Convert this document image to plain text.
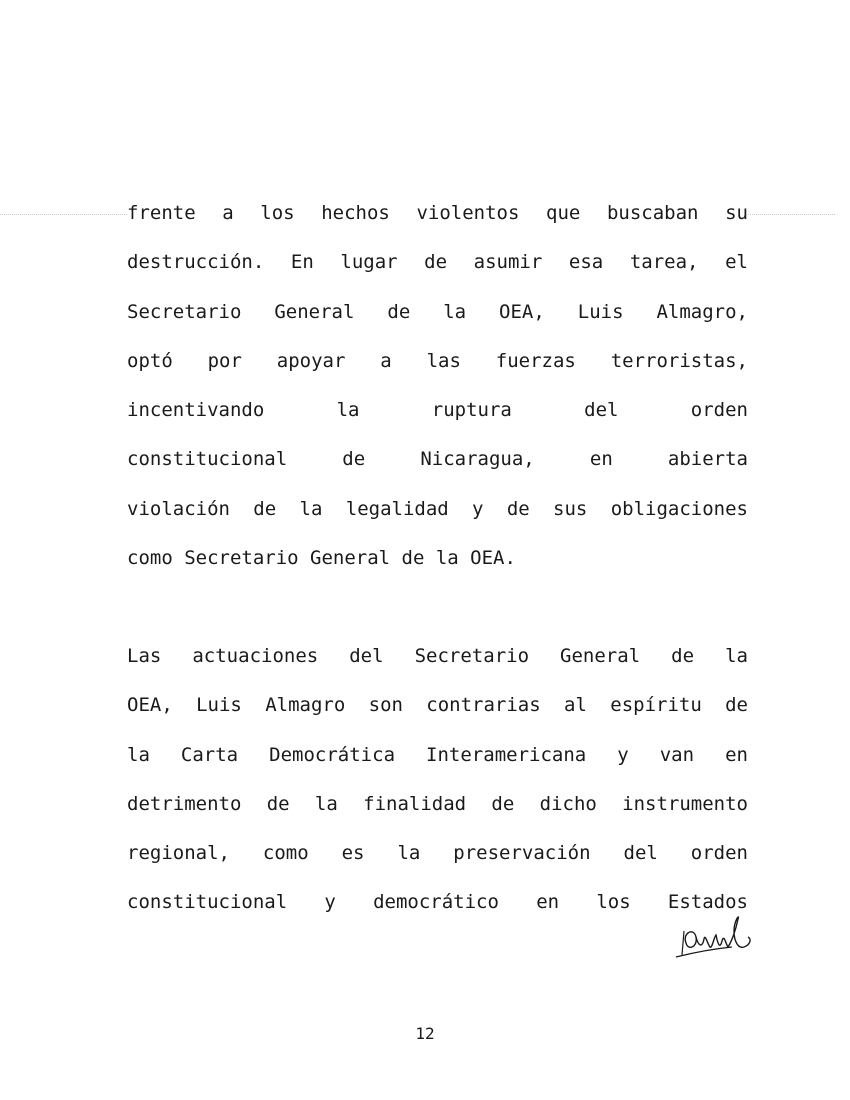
frente a los hechos violentos que buscaban su
destrucción. En lugar de asumir esa tarea, el
Secretario General de la OEA, Luis Almagro,
optó por apoyar a las fuerzas terroristas,
incentivando la ruptura del orden
constitucional de Nicaragua, en abierta
violación de la legalidad y de sus obligaciones
como Secretario General de la OEA.
Las actuaciones del Secretario General de la
OEA, Luis Almagro son contrarias al espíritu de
la Carta Democrática Interamericana y van en
detrimento de la finalidad de dicho instrumento
regional, como es la preservación del orden
constitucional y democrático en los Estados
12
